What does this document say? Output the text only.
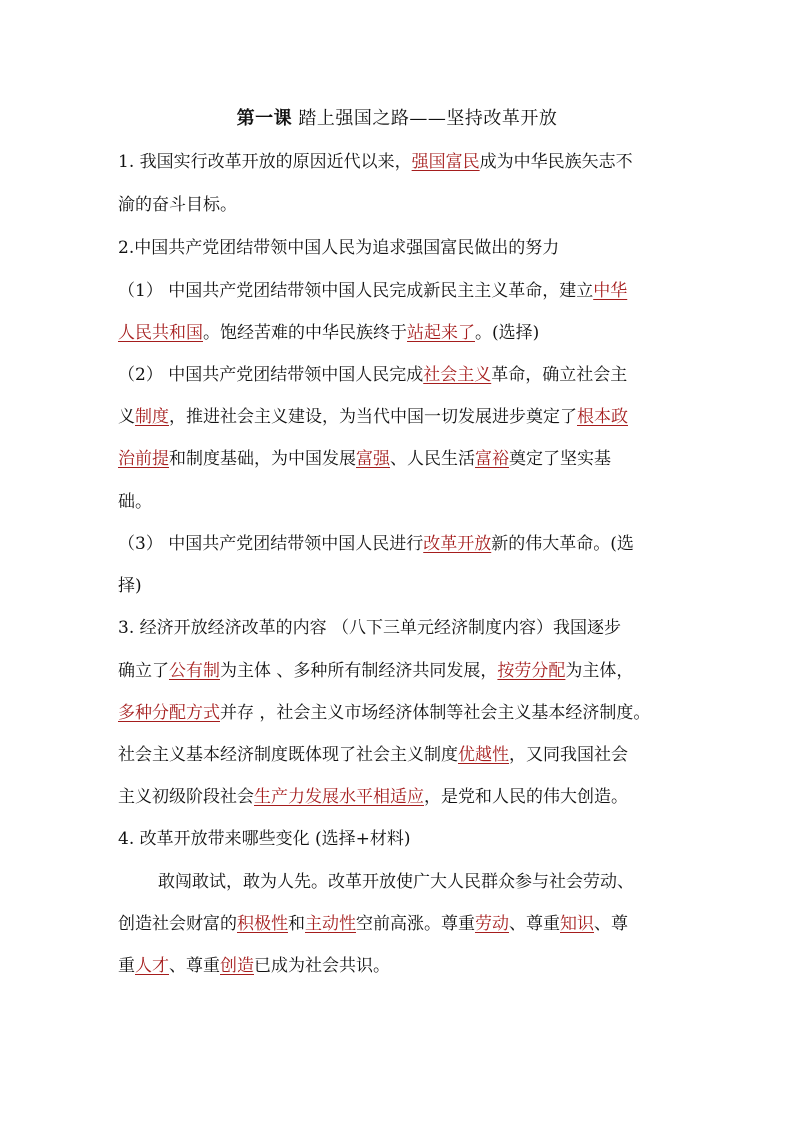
第一课 踏上强国之路——坚持改革开放
1. 我国实行改革开放的原因近代以来，强国富民成为中华民族矢志不
渝的奋斗目标。
2.中国共产党团结带领中国人民为追求强国富民做出的努力
（1） 中国共产党团结带领中国人民完成新民主主义革命，建立中华
人民共和国。饱经苦难的中华民族终于站起来了。(选择)
（2） 中国共产党团结带领中国人民完成社会主义革命，确立社会主
义制度，推进社会主义建设，为当代中国一切发展进步奠定了根本政
治前提和制度基础，为中国发展富强、人民生活富裕奠定了坚实基
础。
（3） 中国共产党团结带领中国人民进行改革开放新的伟大革命。(选
择)
3. 经济开放经济改革的内容 （八下三单元经济制度内容）我国逐步
确立了公有制为主体 、多种所有制经济共同发展，按劳分配为主体，
多种分配方式并存 ，社会主义市场经济体制等社会主义基本经济制度。
社会主义基本经济制度既体现了社会主义制度优越性，又同我国社会
主义初级阶段社会生产力发展水平相适应，是党和人民的伟大创造。
4. 改革开放带来哪些变化 (选择+材料)
敢闯敢试，敢为人先。改革开放使广大人民群众参与社会劳动、
创造社会财富的积极性和主动性空前高涨。尊重劳动、尊重知识、尊
重人才、尊重创造已成为社会共识。
